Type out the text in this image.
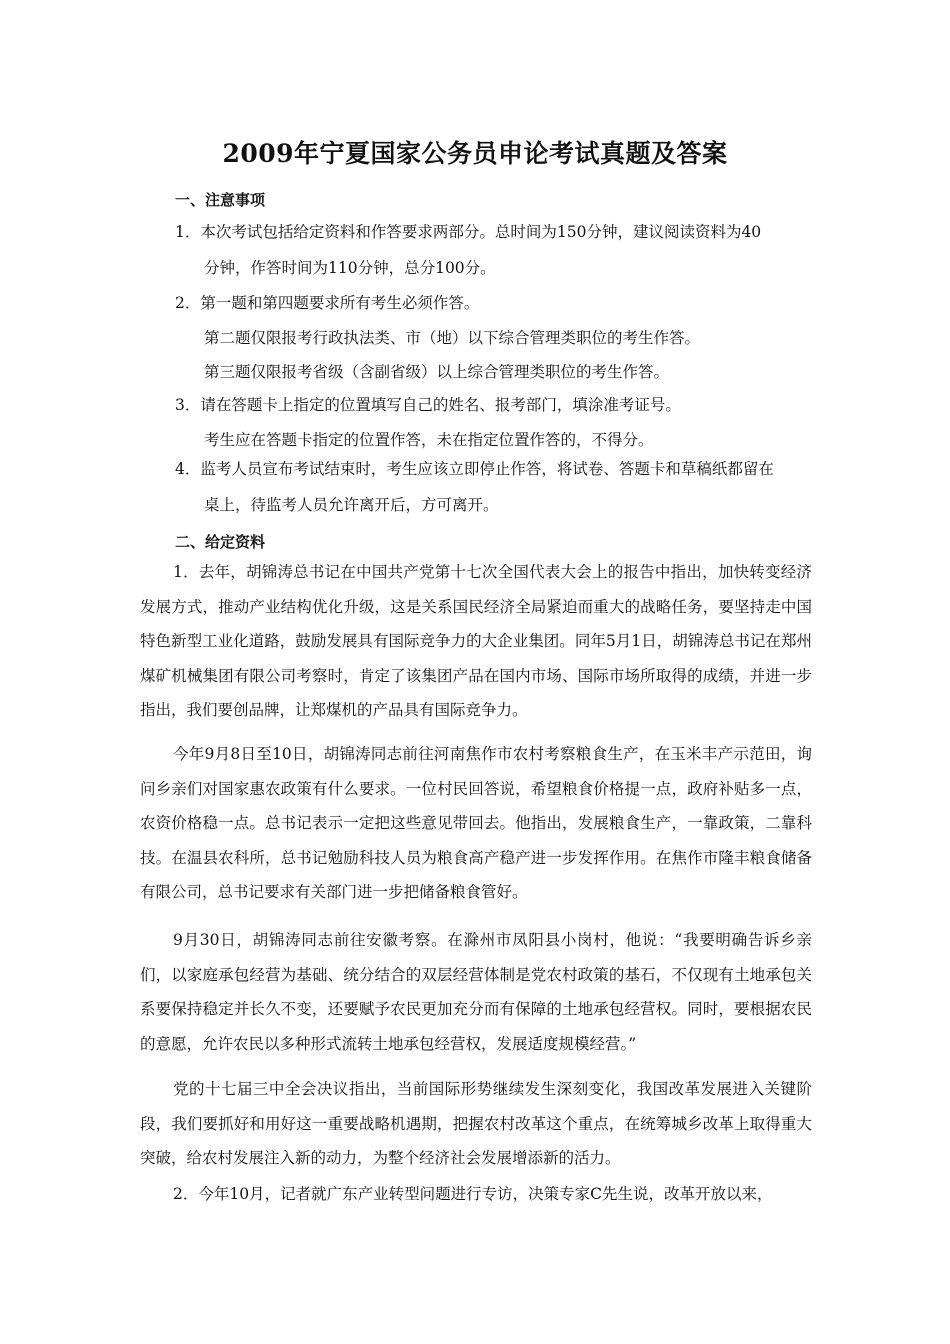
2009年宁夏国家公务员申论考试真题及答案
一、注意事项
1．本次考试包括给定资料和作答要求两部分。总时间为150分钟，建议阅读资料为40
分钟，作答时间为110分钟，总分100分。
2．第一题和第四题要求所有考生必须作答。
第二题仅限报考行政执法类、市（地）以下综合管理类职位的考生作答。
第三题仅限报考省级（含副省级）以上综合管理类职位的考生作答。
3．请在答题卡上指定的位置填写自己的姓名、报考部门，填涂准考证号。
考生应在答题卡指定的位置作答，未在指定位置作答的，不得分。
4．监考人员宣布考试结束时，考生应该立即停止作答，将试卷、答题卡和草稿纸都留在
桌上，待监考人员允许离开后，方可离开。
二、给定资料
1．去年，胡锦涛总书记在中国共产党第十七次全国代表大会上的报告中指出，加快转变经济发展方式，推动产业结构优化升级，这是关系国民经济全局紧迫而重大的战略任务，要坚持走中国特色新型工业化道路，鼓励发展具有国际竞争力的大企业集团。同年5月1日，胡锦涛总书记在郑州煤矿机械集团有限公司考察时，肯定了该集团产品在国内市场、国际市场所取得的成绩，并进一步指出，我们要创品牌，让郑煤机的产品具有国际竞争力。
今年9月8日至10日，胡锦涛同志前往河南焦作市农村考察粮食生产，在玉米丰产示范田，询问乡亲们对国家惠农政策有什么要求。一位村民回答说，希望粮食价格提一点，政府补贴多一点，农资价格稳一点。总书记表示一定把这些意见带回去。他指出，发展粮食生产，一靠政策，二靠科技。在温县农科所，总书记勉励科技人员为粮食高产稳产进一步发挥作用。在焦作市隆丰粮食储备有限公司，总书记要求有关部门进一步把储备粮食管好。
9月30日，胡锦涛同志前往安徽考察。在滁州市凤阳县小岗村，他说：“我要明确告诉乡亲们，以家庭承包经营为基础、统分结合的双层经营体制是党农村政策的基石，不仅现有土地承包关系要保持稳定并长久不变，还要赋予农民更加充分而有保障的土地承包经营权。同时，要根据农民的意愿，允许农民以多种形式流转土地承包经营权，发展适度规模经营。”
党的十七届三中全会决议指出，当前国际形势继续发生深刻变化，我国改革发展进入关键阶段，我们要抓好和用好这一重要战略机遇期，把握农村改革这个重点，在统筹城乡改革上取得重大突破，给农村发展注入新的动力，为整个经济社会发展增添新的活力。
2．今年10月，记者就广东产业转型问题进行专访，决策专家C先生说，改革开放以来，
